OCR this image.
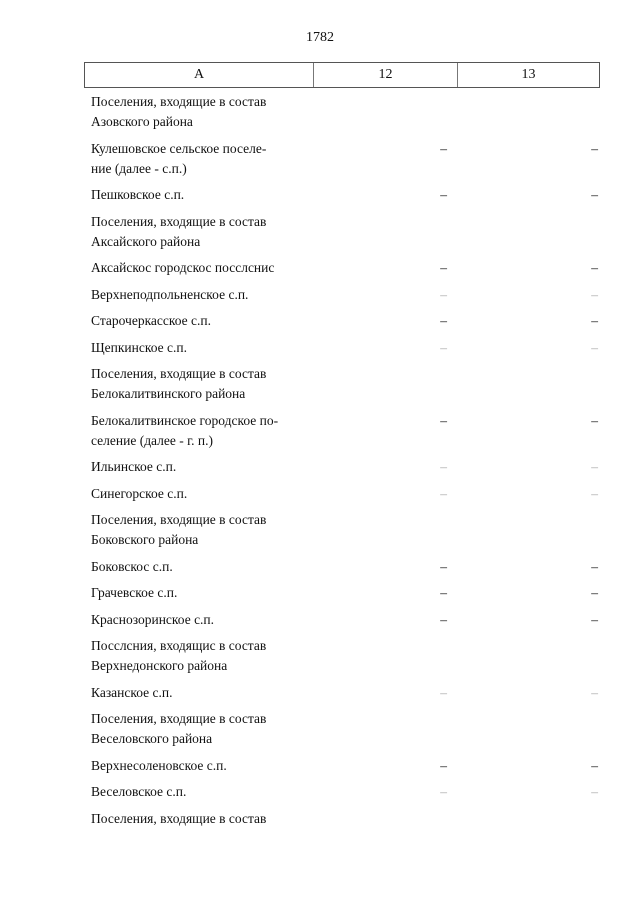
1782
А	12	13
Поселения, входящие в состав
Азовского района
Кулешовское сельское поселе-
ние (далее - с.п.)
–	–
Пешковское с.п.	–	–
Поселения, входящие в состав
Аксайского района
Аксайскос городскос посслснис	–	–
Верхнеподпольненское с.п.	–	–
Старочеркасское с.п.	–	–
Щепкинское с.п.	–	–
Поселения, входящие в состав
Белокалитвинского района
Белокалитвинское городское по-
селение (далее - г. п.)
–	–
Ильинское с.п.	–	–
Синегорское с.п.	–	–
Поселения, входящие в состав
Боковского района
Боковскос с.п.	–	–
Грачевское с.п.	–	–
Краснозоринское с.п.	–	–
Посслсния, входящис в состав
Верхнедонского района
Казанское с.п.	–	–
Поселения, входящие в состав
Веселовского района
Верхнесоленовское с.п.	–	–
Веселовское с.п.	–	–
Поселения, входящие в состав
